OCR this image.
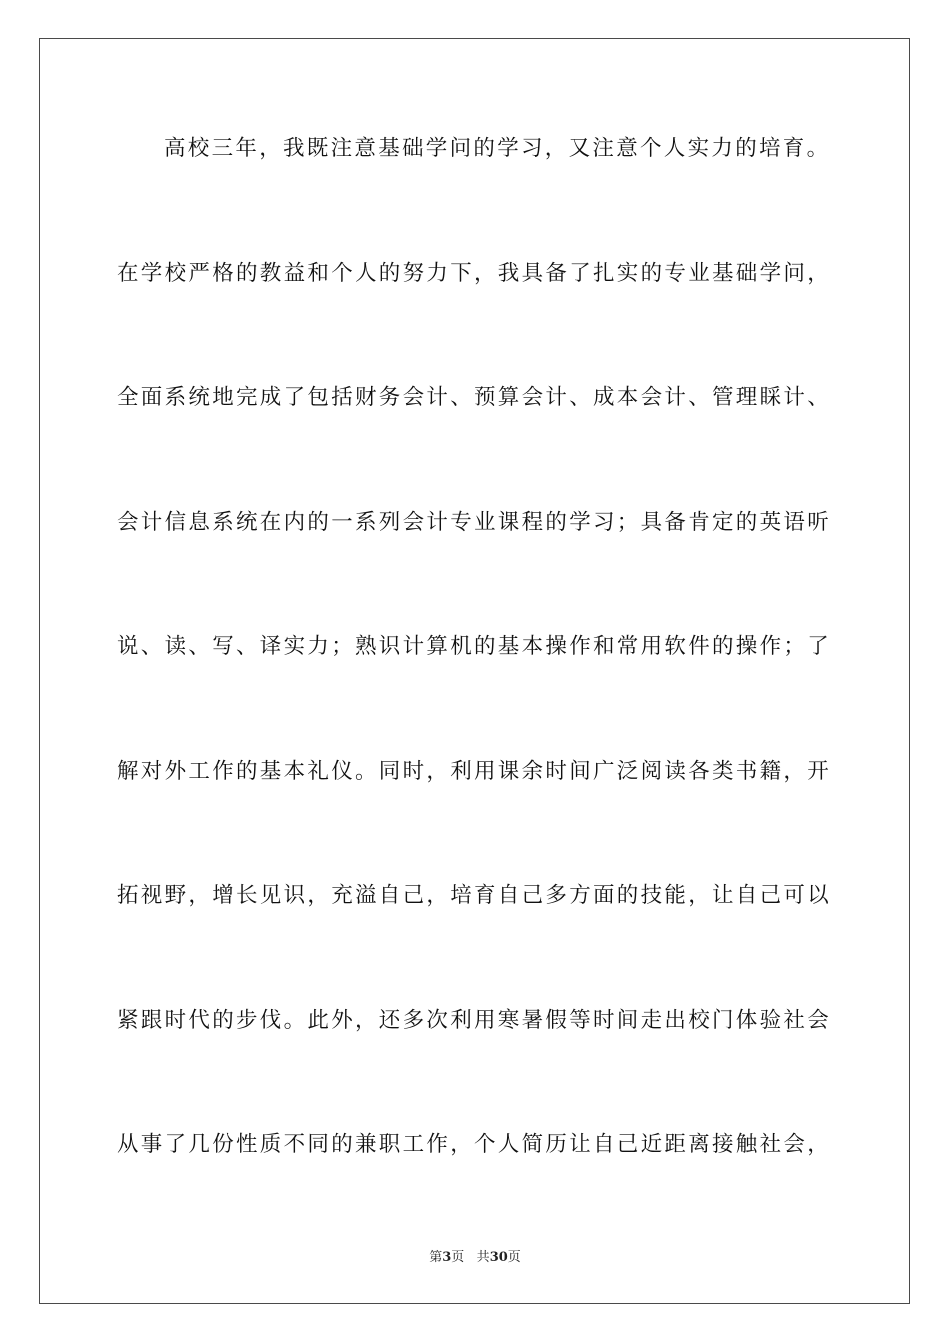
高校三年，我既注意基础学问的学习，又注意个人实力的培育。
在学校严格的教益和个人的努力下，我具备了扎实的专业基础学问，
全面系统地完成了包括财务会计、预算会计、成本会计、管理睬计、
会计信息系统在内的一系列会计专业课程的学习；具备肯定的英语听
说、读、写、译实力；熟识计算机的基本操作和常用软件的操作；了
解对外工作的基本礼仪。同时，利用课余时间广泛阅读各类书籍，开
拓视野，增长见识，充溢自己，培育自己多方面的技能，让自己可以
紧跟时代的步伐。此外，还多次利用寒暑假等时间走出校门体验社会
从事了几份性质不同的兼职工作，个人简历让自己近距离接触社会，
第3页 共30页
